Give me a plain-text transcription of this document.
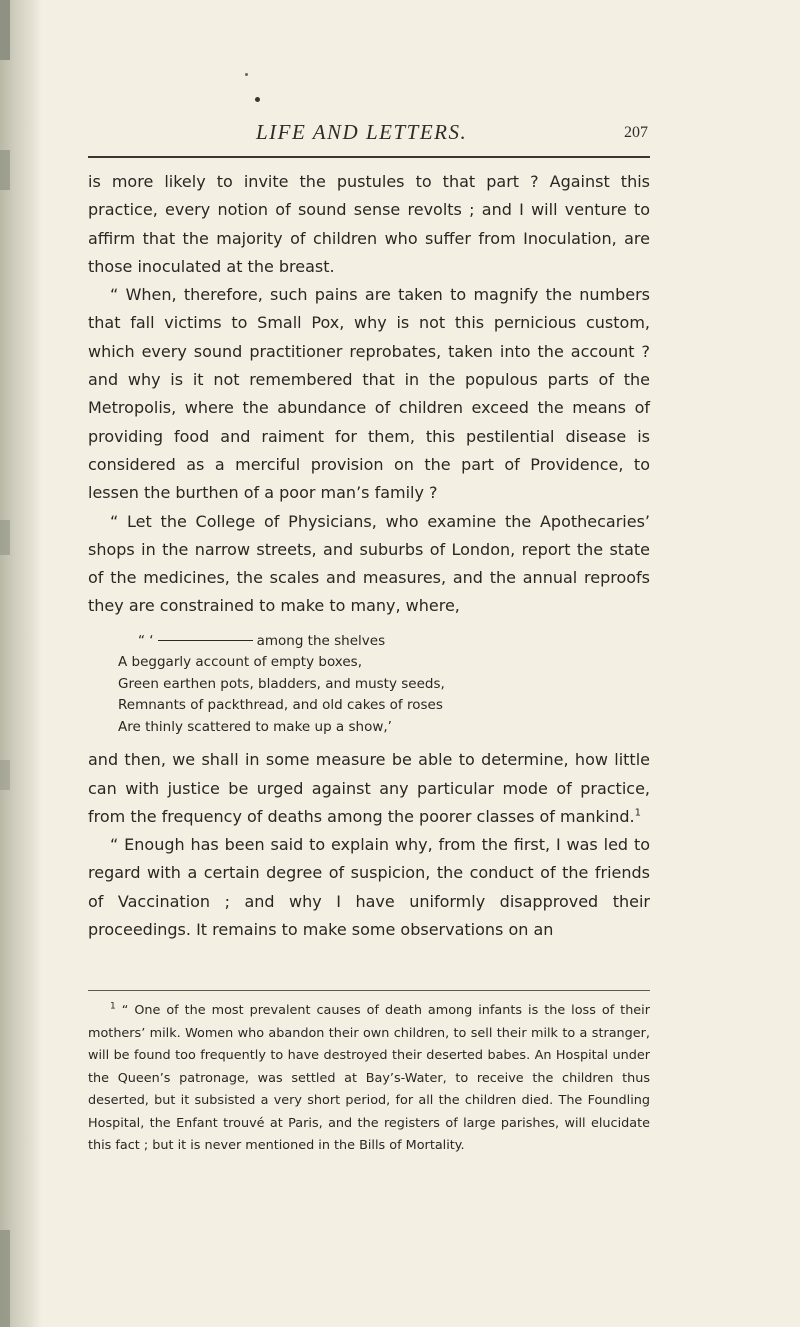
LIFE AND LETTERS.	207

is more likely to invite the pustules to that part ? Against this practice, every notion of sound sense revolts ; and I will venture to affirm that the majority of children who suffer from Inoculation, are those inoculated at the breast.

“ When, therefore, such pains are taken to magnify the numbers that fall victims to Small Pox, why is not this pernicious custom, which every sound practitioner reprobates, taken into the account ? and why is it not remembered that in the populous parts of the Metropolis, where the abundance of children exceed the means of providing food and raiment for them, this pestilential disease is considered as a merciful provision on the part of Providence, to lessen the burthen of a poor man’s family ?

“ Let the College of Physicians, who examine the Apothecaries’ shops in the narrow streets, and suburbs of London, report the state of the medicines, the scales and measures, and the annual reproofs they are constrained to make to many, where,

“ ‘	among the shelves
A beggarly account of empty boxes,
Green earthen pots, bladders, and musty seeds,
Remnants of packthread, and old cakes of roses
Are thinly scattered to make up a show,’

and then, we shall in some measure be able to determine, how little can with justice be urged against any particular mode of practice, from the frequency of deaths among the poorer classes of mankind.$^1$

“ Enough has been said to explain why, from the first, I was led to regard with a certain degree of suspicion, the conduct of the friends of Vaccination ; and why I have uniformly disapproved their proceedings. It remains to make some observations on an

$^1$ “ One of the most prevalent causes of death among infants is the loss of their mothers’ milk. Women who abandon their own children, to sell their milk to a stranger, will be found too frequently to have destroyed their deserted babes. An Hospital under the Queen’s patronage, was settled at Bay’s-Water, to receive the children thus deserted, but it subsisted a very short period, for all the children died. The Foundling Hospital, the Enfant trouvé at Paris, and the registers of large parishes, will elucidate this fact ; but it is never mentioned in the Bills of Mortality.
